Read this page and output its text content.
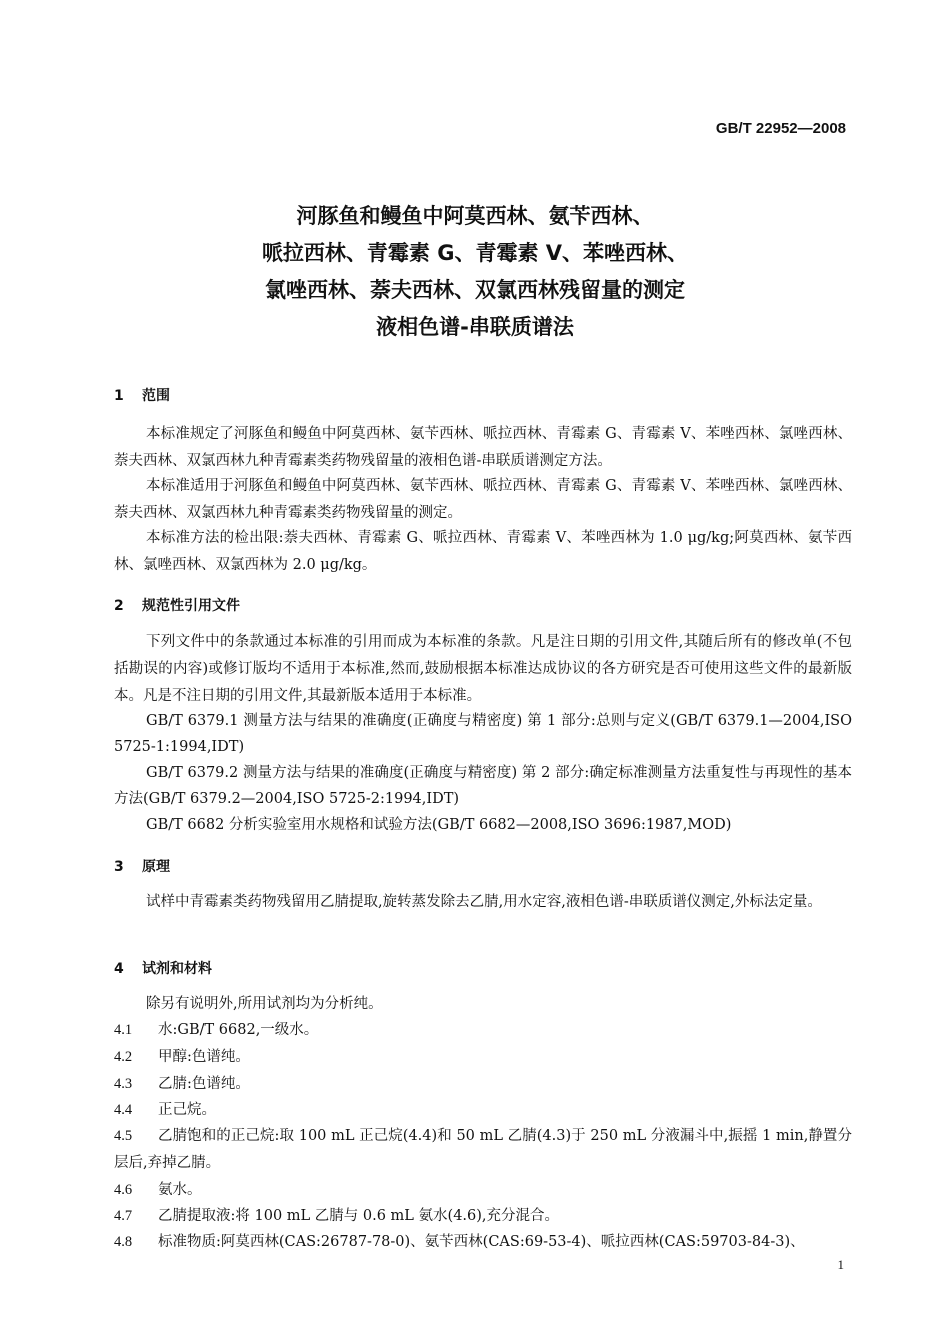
GB/T 22952—2008
河豚鱼和鳗鱼中阿莫西林、氨苄西林、
哌拉西林、青霉素 G、青霉素 V、苯唑西林、
氯唑西林、萘夫西林、双氯西林残留量的测定
液相色谱-串联质谱法
1 范围
本标准规定了河豚鱼和鳗鱼中阿莫西林、氨苄西林、哌拉西林、青霉素 G、青霉素 V、苯唑西林、氯唑西林、萘夫西林、双氯西林九种青霉素类药物残留量的液相色谱-串联质谱测定方法。
本标准适用于河豚鱼和鳗鱼中阿莫西林、氨苄西林、哌拉西林、青霉素 G、青霉素 V、苯唑西林、氯唑西林、萘夫西林、双氯西林九种青霉素类药物残留量的测定。
本标准方法的检出限:萘夫西林、青霉素 G、哌拉西林、青霉素 V、苯唑西林为 1.0 μg/kg;阿莫西林、氨苄西林、氯唑西林、双氯西林为 2.0 μg/kg。
2 规范性引用文件
下列文件中的条款通过本标准的引用而成为本标准的条款。凡是注日期的引用文件,其随后所有的修改单(不包括勘误的内容)或修订版均不适用于本标准,然而,鼓励根据本标准达成协议的各方研究是否可使用这些文件的最新版本。凡是不注日期的引用文件,其最新版本适用于本标准。
GB/T 6379.1 测量方法与结果的准确度(正确度与精密度) 第 1 部分:总则与定义(GB/T 6379.1—2004,ISO 5725-1:1994,IDT)
GB/T 6379.2 测量方法与结果的准确度(正确度与精密度) 第 2 部分:确定标准测量方法重复性与再现性的基本方法(GB/T 6379.2—2004,ISO 5725-2:1994,IDT)
GB/T 6682 分析实验室用水规格和试验方法(GB/T 6682—2008,ISO 3696:1987,MOD)
3 原理
试样中青霉素类药物残留用乙腈提取,旋转蒸发除去乙腈,用水定容,液相色谱-串联质谱仪测定,外标法定量。
4 试剂和材料
除另有说明外,所用试剂均为分析纯。
4.1 水:GB/T 6682,一级水。
4.2 甲醇:色谱纯。
4.3 乙腈:色谱纯。
4.4 正己烷。
4.5 乙腈饱和的正己烷:取 100 mL 正己烷(4.4)和 50 mL 乙腈(4.3)于 250 mL 分液漏斗中,振摇 1 min,静置分层后,弃掉乙腈。
4.6 氨水。
4.7 乙腈提取液:将 100 mL 乙腈与 0.6 mL 氨水(4.6),充分混合。
4.8 标准物质:阿莫西林(CAS:26787-78-0)、氨苄西林(CAS:69-53-4)、哌拉西林(CAS:59703-84-3)、
1
